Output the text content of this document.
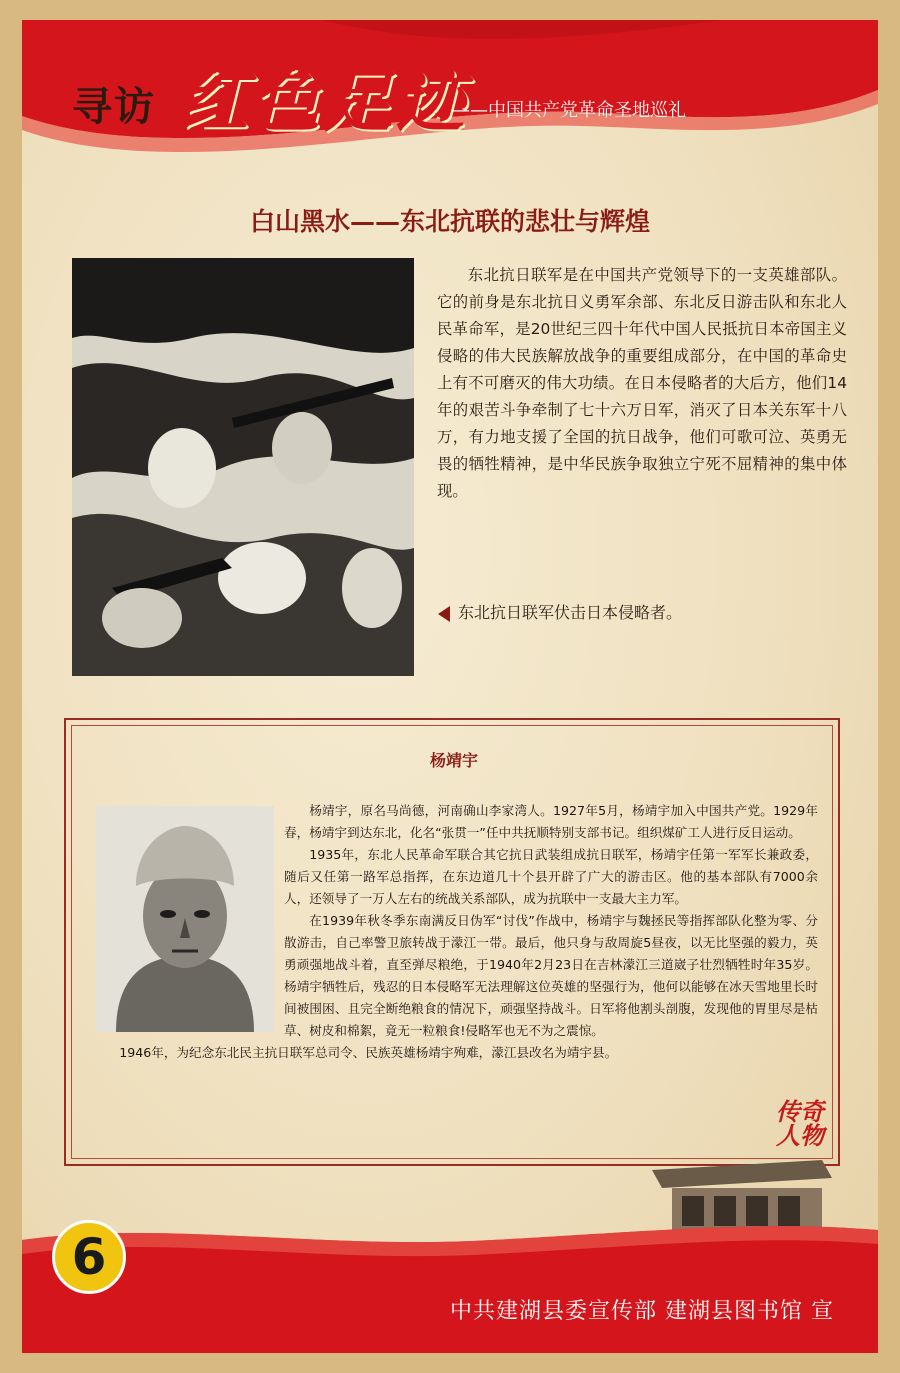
寻访 红色足迹
——中国共产党革命圣地巡礼
白山黑水——东北抗联的悲壮与辉煌
东北抗日联军是在中国共产党领导下的一支英雄部队。它的前身是东北抗日义勇军余部、东北反日游击队和东北人民革命军，是20世纪三四十年代中国人民抵抗日本帝国主义侵略的伟大民族解放战争的重要组成部分，在中国的革命史上有不可磨灭的伟大功绩。在日本侵略者的大后方，他们14年的艰苦斗争牵制了七十六万日军，消灭了日本关东军十八万，有力地支援了全国的抗日战争，他们可歌可泣、英勇无畏的牺牲精神，是中华民族争取独立宁死不屈精神的集中体现。
东北抗日联军伏击日本侵略者。
杨靖宇

杨靖宇，原名马尚德，河南确山李家湾人。1927年5月，杨靖宇加入中国共产党。1929年春，杨靖宇到达东北，化名“张贯一”任中共抚顺特别支部书记。组织煤矿工人进行反日运动。

1935年，东北人民革命军联合其它抗日武装组成抗日联军，杨靖宇任第一军军长兼政委，随后又任第一路军总指挥，在东边道几十个县开辟了广大的游击区。他的基本部队有7000余人，还领导了一万人左右的统战关系部队，成为抗联中一支最大主力军。

在1939年秋冬季东南满反日伪军“讨伐”作战中，杨靖宇与魏拯民等指挥部队化整为零、分散游击，自己率警卫旅转战于濛江一带。最后，他只身与敌周旋5昼夜，以无比坚强的毅力，英勇顽强地战斗着，直至弹尽粮绝，于1940年2月23日在吉林濛江三道崴子壮烈牺牲时年35岁。杨靖宇牺牲后，残忍的日本侵略军无法理解这位英雄的坚强行为，他何以能够在冰天雪地里长时间被围困、且完全断绝粮食的情况下，顽强坚持战斗。日军将他割头剖腹，发现他的胃里尽是枯草、树皮和棉絮，竟无一粒粮食!侵略军也无不为之震惊。

1946年，为纪念东北民主抗日联军总司令、民族英雄杨靖宇殉难，濛江县改名为靖宇县。

传奇
人物
6
中共建湖县委宣传部 建湖县图书馆 宣
